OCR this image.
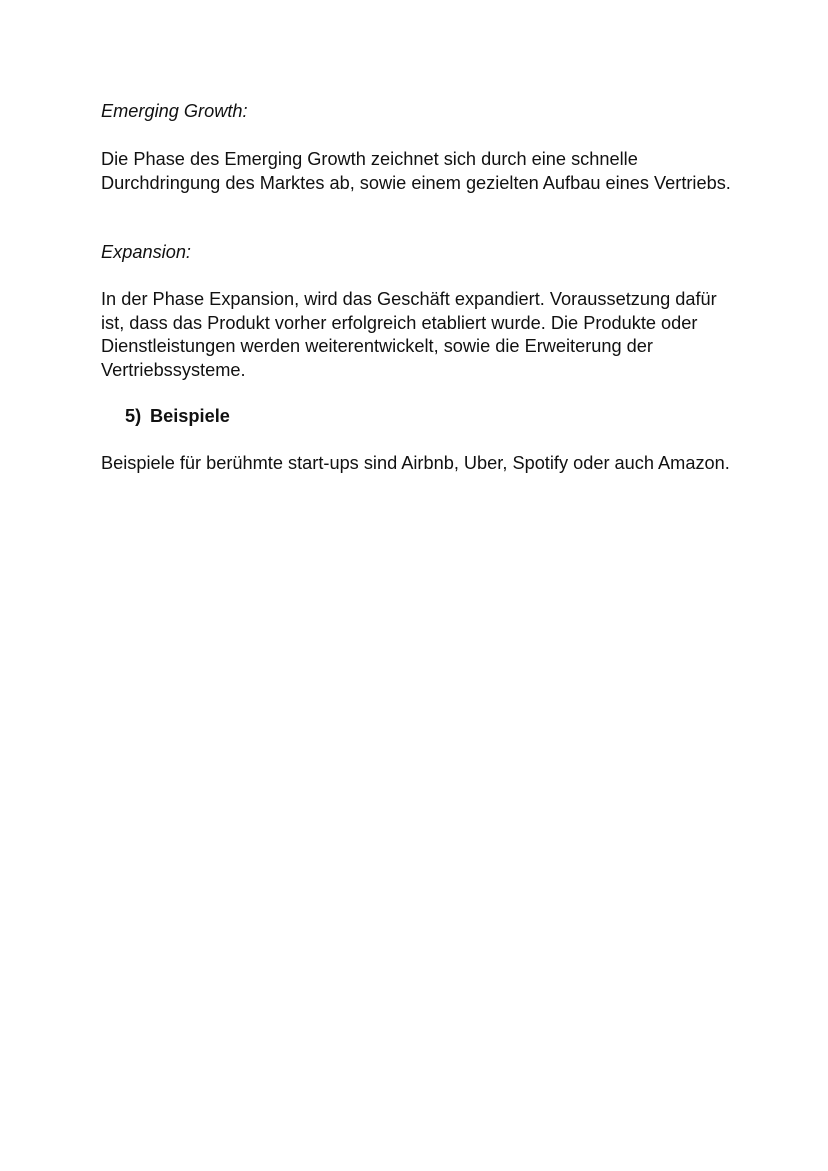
Emerging Growth:

Die Phase des Emerging Growth zeichnet sich durch eine schnelle Durchdringung des Marktes ab, sowie einem gezielten Aufbau eines Vertriebs.

Expansion:

In der Phase Expansion, wird das Geschäft expandiert. Voraussetzung dafür ist, dass das Produkt vorher erfolgreich etabliert wurde. Die Produkte oder Dienstleistungen werden weiterentwickelt, sowie die Erweiterung der Vertriebssysteme.

5) Beispiele

Beispiele für berühmte start-ups sind Airbnb, Uber, Spotify oder auch Amazon.
